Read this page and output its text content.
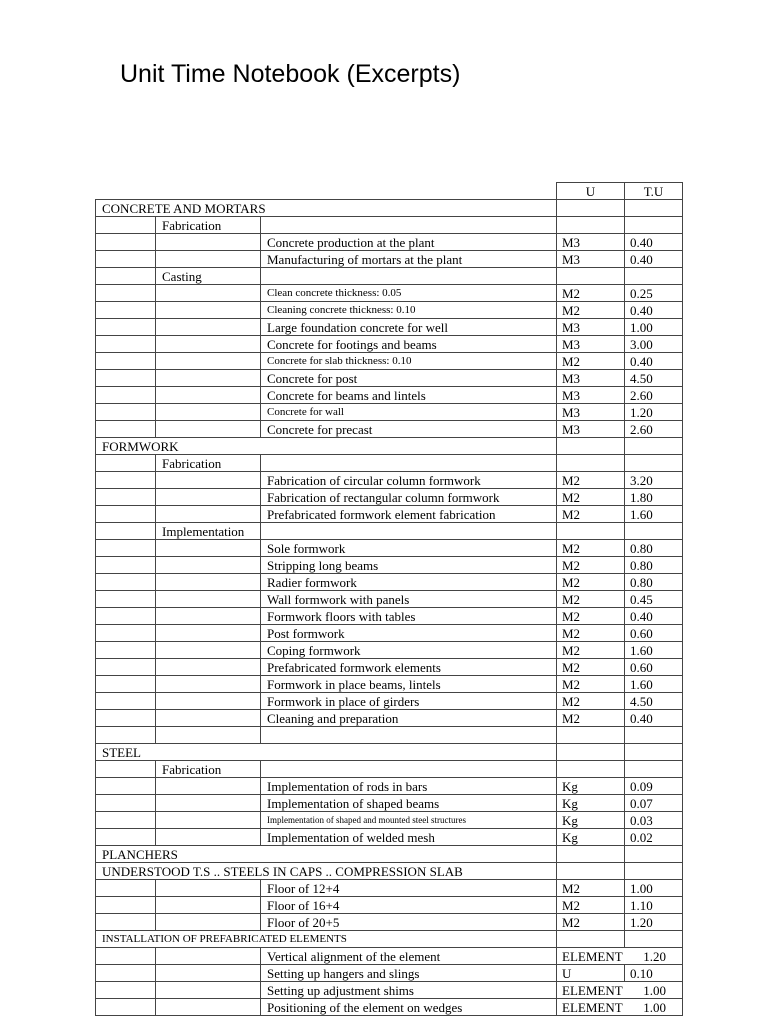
Unit Time Notebook (Excerpts)
			U	T.U
CONCRETE AND MORTARS				
	Fabrication			
		Concrete production at the plant	M3	0.40
		Manufacturing of mortars at the plant	M3	0.40
	Casting			
		Clean concrete thickness: 0.05	M2	0.25
		Cleaning concrete thickness: 0.10	M2	0.40
		Large foundation concrete for well	M3	1.00
		Concrete for footings and beams	M3	3.00
		Concrete for slab thickness: 0.10	M2	0.40
		Concrete for post	M3	4.50
		Concrete for beams and lintels	M3	2.60
		Concrete for wall	M3	1.20
		Concrete for precast	M3	2.60
FORMWORK				
	Fabrication			
		Fabrication of circular column formwork	M2	3.20
		Fabrication of rectangular column formwork	M2	1.80
		Prefabricated formwork element fabrication	M2	1.60
	Implementation			
		Sole formwork	M2	0.80
		Stripping long beams	M2	0.80
		Radier formwork	M2	0.80
		Wall formwork with panels	M2	0.45
		Formwork floors with tables	M2	0.40
		Post formwork	M2	0.60
		Coping formwork	M2	1.60
		Prefabricated formwork elements	M2	0.60
		Formwork in place beams, lintels	M2	1.60
		Formwork in place of girders	M2	4.50
		Cleaning and preparation	M2	0.40

STEEL				
	Fabrication			
		Implementation of rods in bars	Kg	0.09
		Implementation of shaped beams	Kg	0.07
		Implementation of shaped and mounted steel structures	Kg	0.03
		Implementation of welded mesh	Kg	0.02
PLANCHERS				
UNDERSTOOD T.S .. STEELS IN CAPS .. COMPRESSION SLAB				
		Floor of 12+4	M2	1.00
		Floor of 16+4	M2	1.10
		Floor of 20+5	M2	1.20
INSTALLATION OF PREFABRICATED ELEMENTS				
		Vertical alignment of the element	ELEMENT	1.20
		Setting up hangers and slings	U	0.10
		Setting up adjustment shims	ELEMENT	1.00
		Positioning of the element on wedges	ELEMENT	1.00
